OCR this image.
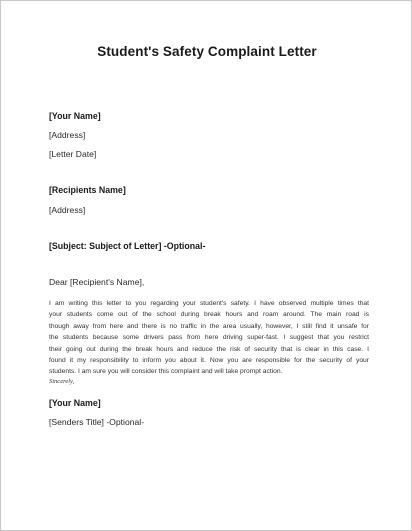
Student's Safety Complaint Letter
[Your Name]
[Address]
[Letter Date]
[Recipients Name]
[Address]
[Subject: Subject of Letter] -Optional-
Dear [Recipient's Name],
I am writing this letter to you regarding your student's safety. I have observed multiple times that
your students come out of the school during break hours and roam around. The main road is
though away from here and there is no traffic in the area usually, however, I still find it unsafe for
the students because some drivers pass from here driving super-fast. I suggest that you restrict
their going out during the break hours and reduce the risk of security that is clear in this case. I
found it my responsibility to inform you about it. Now you are responsible for the security of your
students. I am sure you will consider this complaint and will take prompt action.
Sincerely,
[Your Name]
[Senders Title] -Optional-
